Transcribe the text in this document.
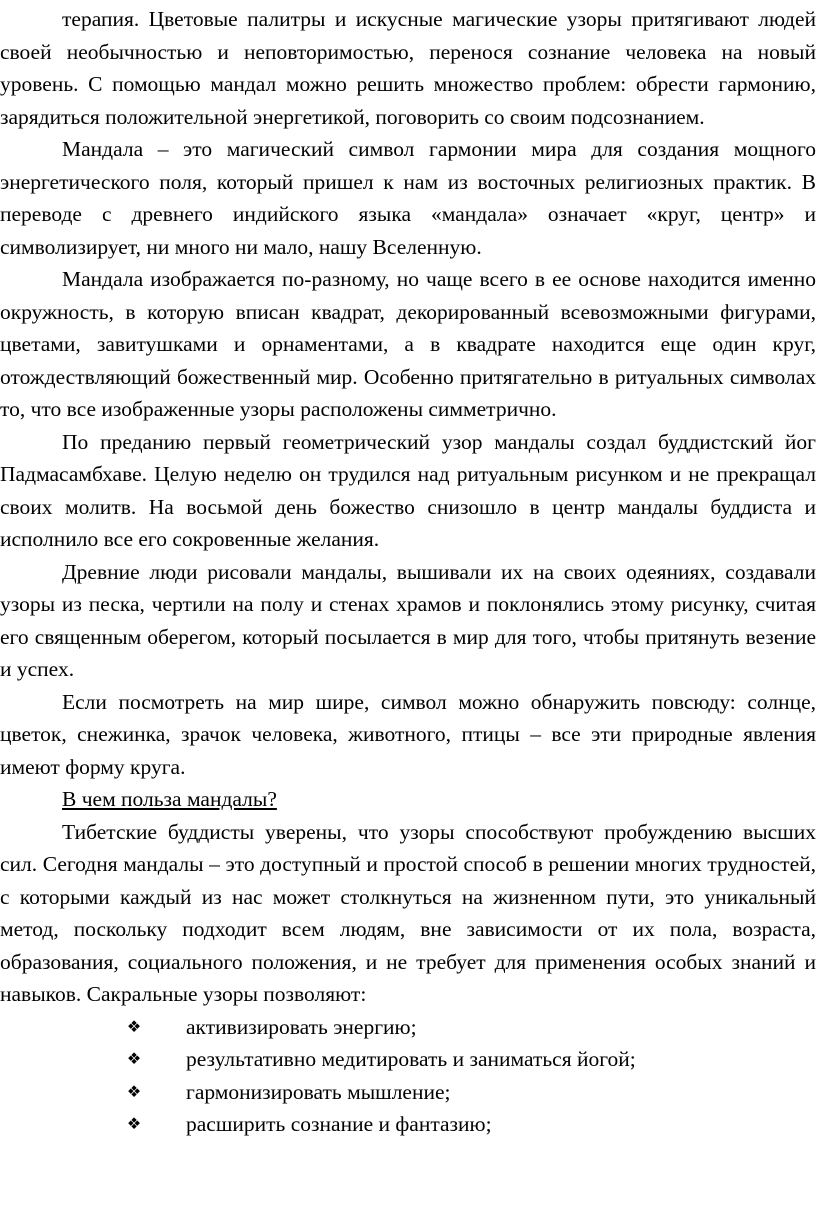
терапия. Цветовые палитры и искусные магические узоры притягивают людей своей необычностью и неповторимостью, перенося сознание человека на новый уровень. С помощью мандал можно решить множество проблем: обрести гармонию, зарядиться положительной энергетикой, поговорить со своим подсознанием.

Мандала – это магический символ гармонии мира для создания мощного энергетического поля, который пришел к нам из восточных религиозных практик. В переводе с древнего индийского языка «мандала» означает «круг, центр» и символизирует, ни много ни мало, нашу Вселенную.

Мандала изображается по-разному, но чаще всего в ее основе находится именно окружность, в которую вписан квадрат, декорированный всевозможными фигурами, цветами, завитушками и орнаментами, а в квадрате находится еще один круг, отождествляющий божественный мир. Особенно притягательно в ритуальных символах то, что все изображенные узоры расположены симметрично.

По преданию первый геометрический узор мандалы создал буддистский йог Падмасамбхаве. Целую неделю он трудился над ритуальным рисунком и не прекращал своих молитв. На восьмой день божество снизошло в центр мандалы буддиста и исполнило все его сокровенные желания.

Древние люди рисовали мандалы, вышивали их на своих одеяниях, создавали узоры из песка, чертили на полу и стенах храмов и поклонялись этому рисунку, считая его священным оберегом, который посылается в мир для того, чтобы притянуть везение и успех.

Если посмотреть на мир шире, символ можно обнаружить повсюду: солнце, цветок, снежинка, зрачок человека, животного, птицы – все эти природные явления имеют форму круга.

В чем польза мандалы?

Тибетские буддисты уверены, что узоры способствуют пробуждению высших сил. Сегодня мандалы – это доступный и простой способ в решении многих трудностей, с которыми каждый из нас может столкнуться на жизненном пути, это уникальный метод, поскольку подходит всем людям, вне зависимости от их пола, возраста, образования, социального положения, и не требует для применения особых знаний и навыков. Сакральные узоры позволяют:

❖ активизировать энергию;
❖ результативно медитировать и заниматься йогой;
❖ гармонизировать мышление;
❖ расширить сознание и фантазию;
